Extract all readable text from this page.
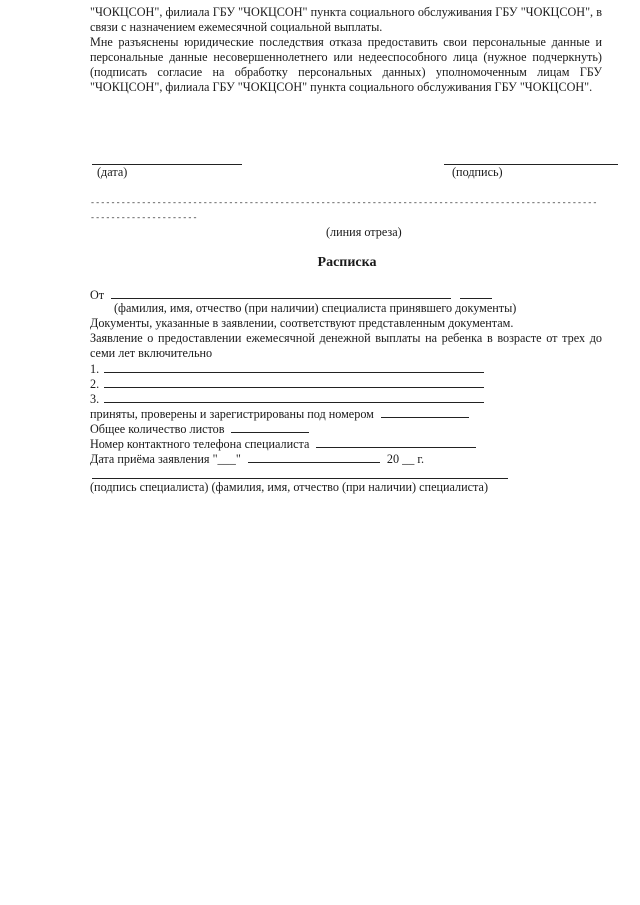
"ЧОКЦСОН", филиала ГБУ "ЧОКЦСОН" пункта социального обслуживания ГБУ "ЧОКЦСОН", в связи с назначением ежемесячной социальной выплаты.

Мне разъяснены юридические последствия отказа предоставить свои персональные данные и персональные данные несовершеннолетнего или недееспособного лица (нужное подчеркнуть) (подписать согласие на обработку персональных данных) уполномоченным лицам ГБУ "ЧОКЦСОН", филиала ГБУ "ЧОКЦСОН" пункта социального обслуживания ГБУ "ЧОКЦСОН".

(дата)	(подпись)
------------------------------------------------------------------------------------------------------------------------
(линия отреза)
Расписка
От
(фамилия, имя, отчество (при наличии) специалиста принявшего документы)
Документы, указанные в заявлении, соответствуют представленным документам.
Заявление о предоставлении ежемесячной денежной выплаты на ребенка в возрасте от трех до семи лет включительно
1.
2.
3.
приняты, проверены и зарегистрированы под номером
Общее количество листов
Номер контактного телефона специалиста
Дата приёма заявления "___"	20 __ г.
(подпись специалиста) (фамилия, имя, отчество (при наличии) специалиста)
